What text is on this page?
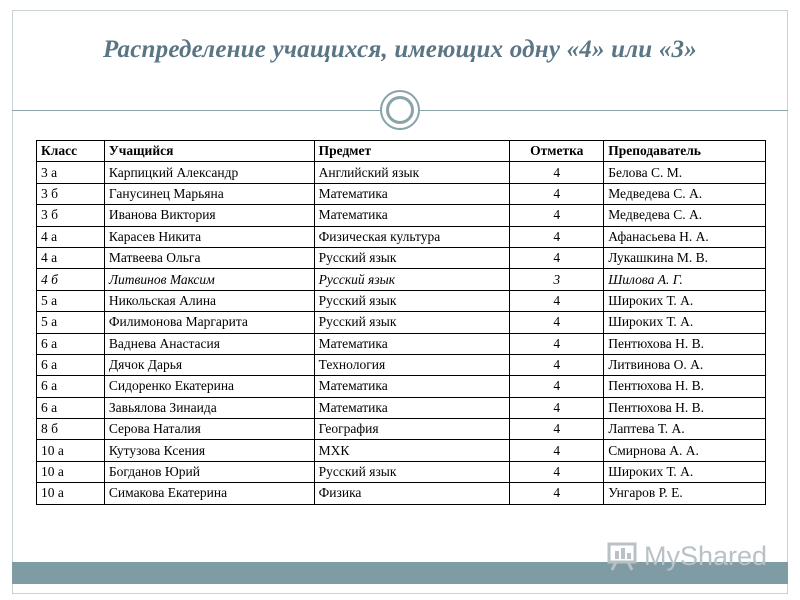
Распределение учащихся, имеющих одну «4» или «3»
Класс	Учащийся	Предмет	Отметка	Преподаватель
3 а	Карпицкий Александр	Английский язык	4	Белова С. М.
3 б	Ганусинец Марьяна	Математика	4	Медведева С. А.
3 б	Иванова Виктория	Математика	4	Медведева С. А.
4 а	Карасев Никита	Физическая культура	4	Афанасьева Н. А.
4 а	Матвеева Ольга	Русский язык	4	Лукашкина М. В.
4 б	Литвинов Максим	Русский язык	3	Шилова А. Г.
5 а	Никольская Алина	Русский язык	4	Широких Т. А.
5 а	Филимонова Маргарита	Русский язык	4	Широких Т. А.
6 а	Ваднева Анастасия	Математика	4	Пентюхова Н. В.
6 а	Дячок Дарья	Технология	4	Литвинова О. А.
6 а	Сидоренко Екатерина	Математика	4	Пентюхова Н. В.
6 а	Завьялова Зинаида	Математика	4	Пентюхова Н. В.
8 б	Серова Наталия	География	4	Лаптева Т. А.
10 а	Кутузова Ксения	МХК	4	Смирнова А. А.
10 а	Богданов Юрий	Русский язык	4	Широких Т. А.
10 а	Симакова Екатерина	Физика	4	Унгаров Р. Е.
MyShared
